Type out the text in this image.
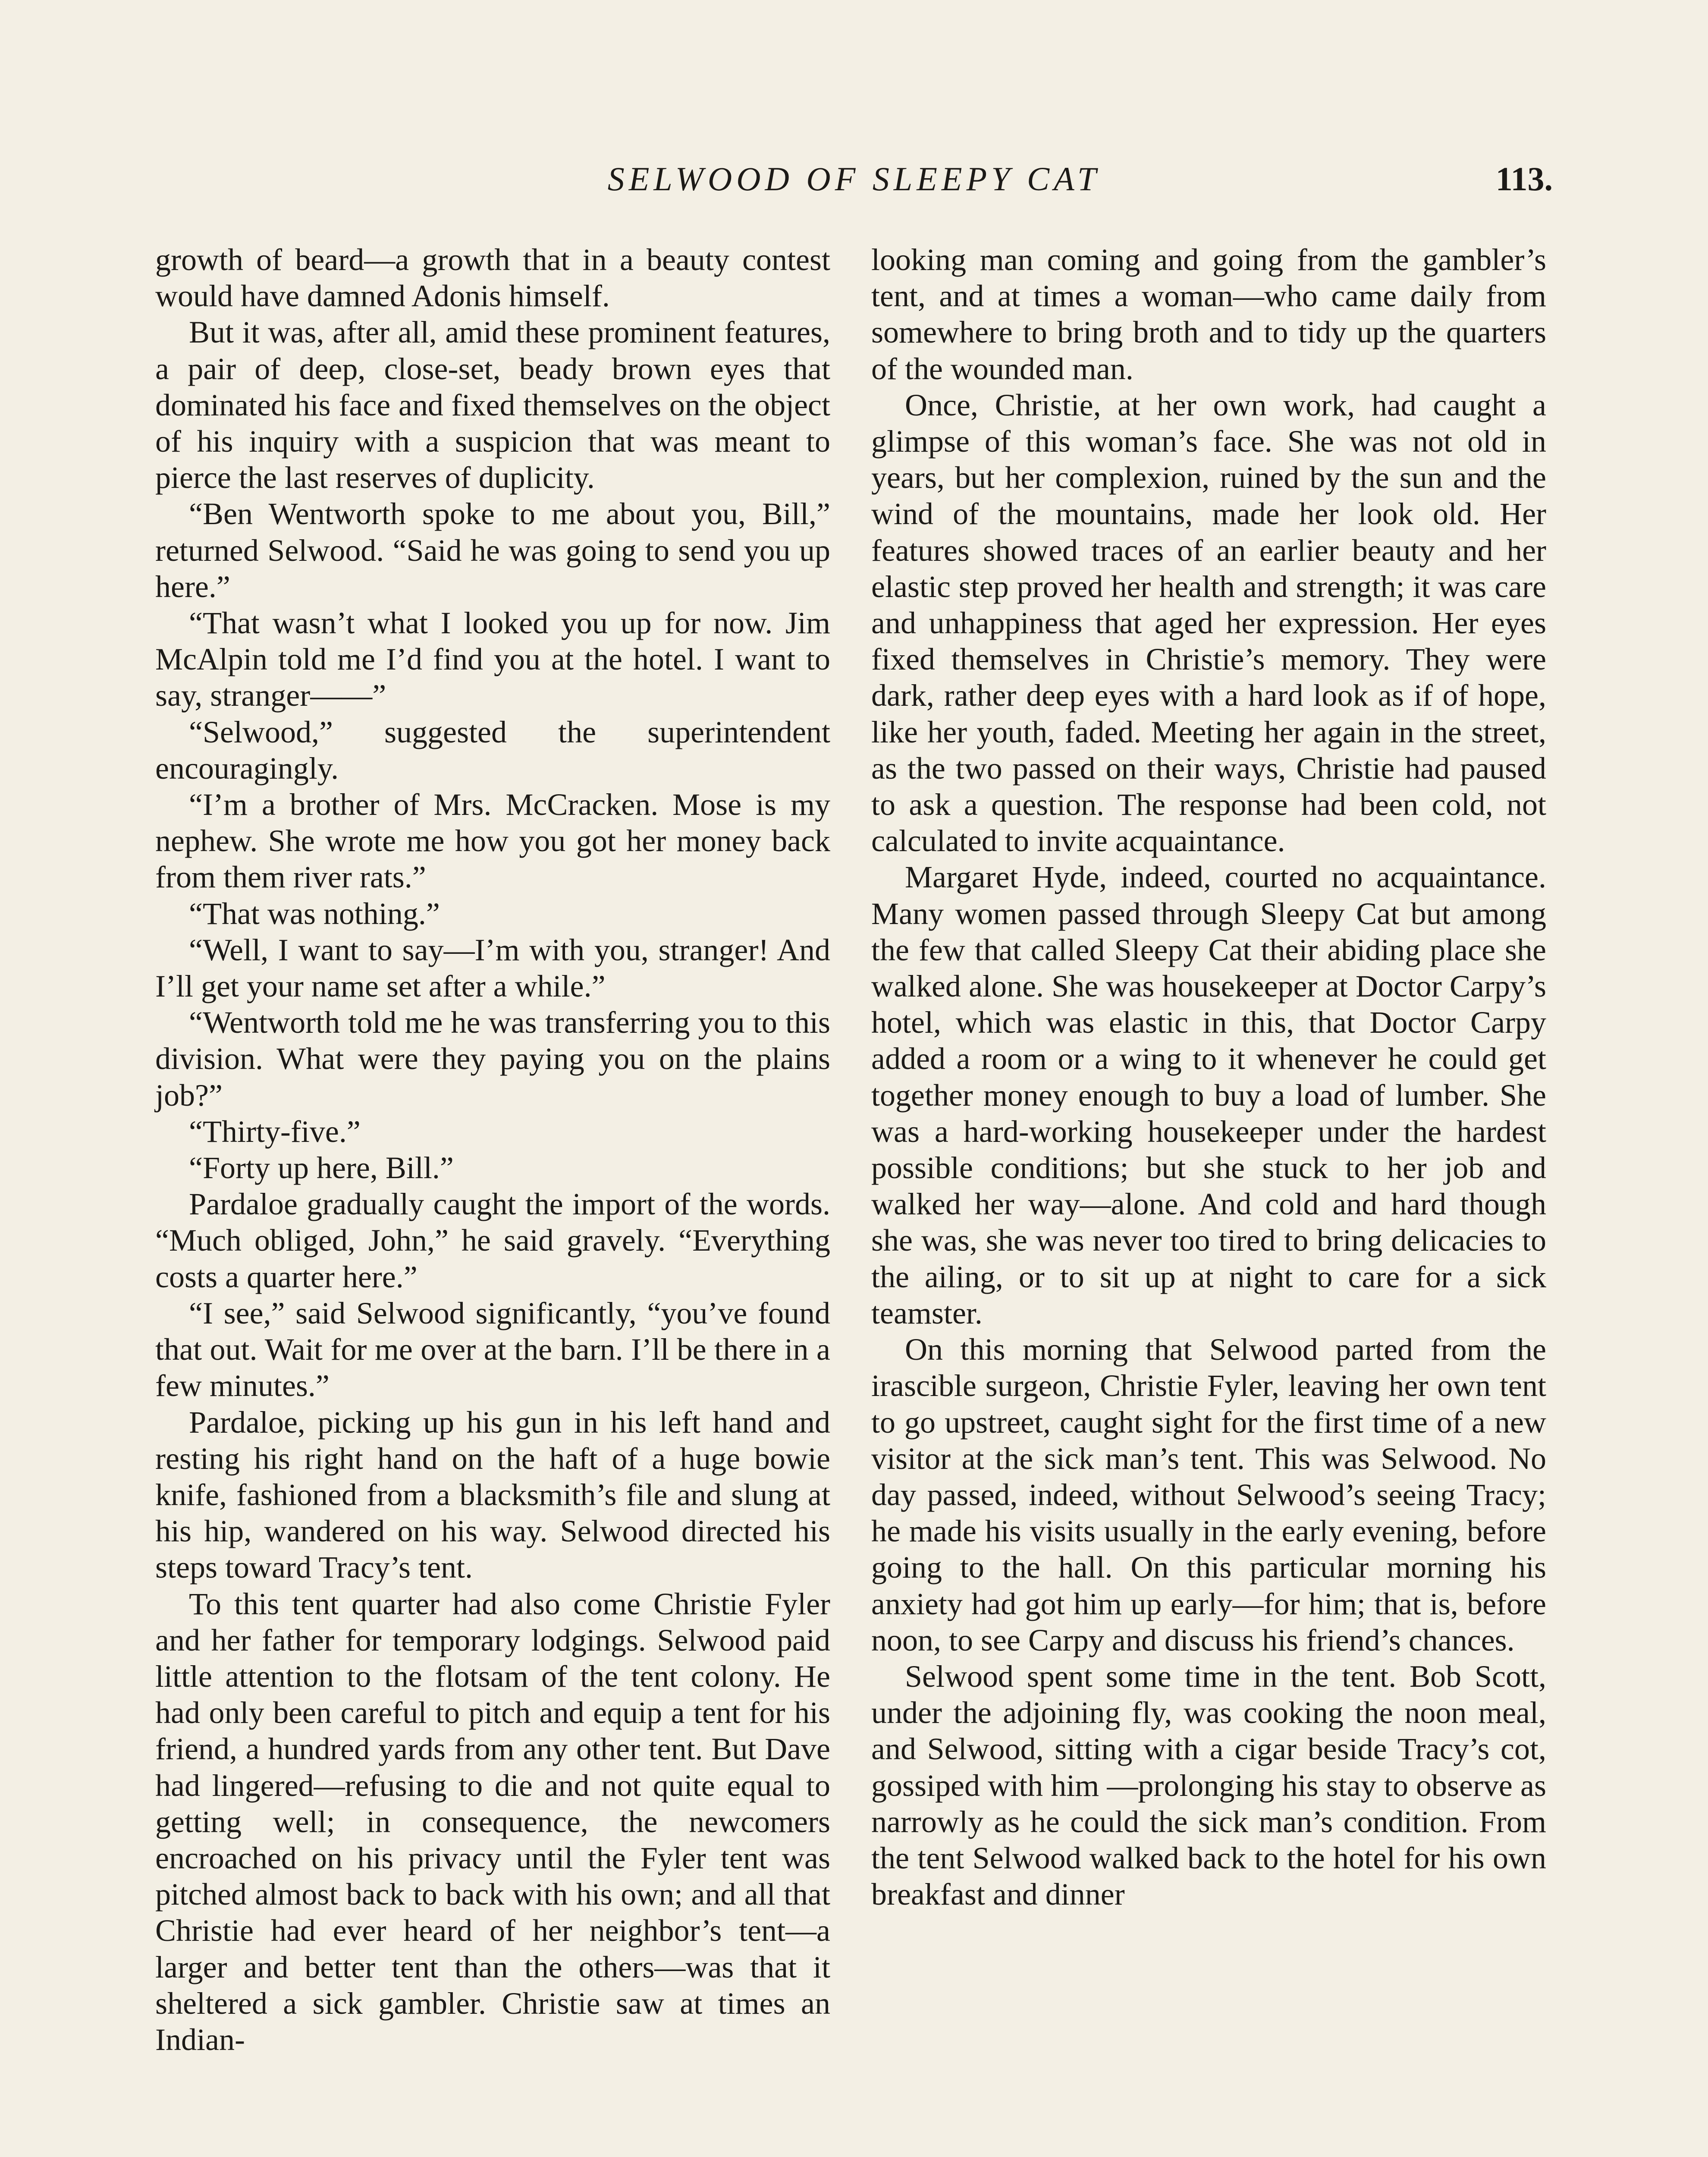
SELWOOD OF SLEEPY CAT	113.

growth of beard—a growth that in a beauty contest would have damned Adonis himself.

But it was, after all, amid these prominent features, a pair of deep, close-set, beady brown eyes that dominated his face and fixed themselves on the object of his inquiry with a suspicion that was meant to pierce the last reserves of duplicity.

“Ben Wentworth spoke to me about you, Bill,” returned Selwood. “Said he was going to send you up here.”

“That wasn’t what I looked you up for now. Jim McAlpin told me I’d find you at the hotel. I want to say, stranger——”

“Selwood,” suggested the superintendent encouragingly.

“I’m a brother of Mrs. McCracken. Mose is my nephew. She wrote me how you got her money back from them river rats.”

“That was nothing.”

“Well, I want to say—I’m with you, stranger! And I’ll get your name set after a while.”

“Wentworth told me he was transferring you to this division. What were they paying you on the plains job?”

“Thirty-five.”

“Forty up here, Bill.”

Pardaloe gradually caught the import of the words. “Much obliged, John,” he said gravely. “Everything costs a quarter here.”

“I see,” said Selwood significantly, “you’ve found that out. Wait for me over at the barn. I’ll be there in a few minutes.”

Pardaloe, picking up his gun in his left hand and resting his right hand on the haft of a huge bowie knife, fashioned from a blacksmith’s file and slung at his hip, wandered on his way. Selwood directed his steps toward Tracy’s tent.

To this tent quarter had also come Christie Fyler and her father for temporary lodgings. Selwood paid little attention to the flotsam of the tent colony. He had only been careful to pitch and equip a tent for his friend, a hundred yards from any other tent. But Dave had lingered—refusing to die and not quite equal to getting well; in consequence, the newcomers encroached on his privacy until the Fyler tent was pitched almost back to back with his own; and all that Christie had ever heard of her neighbor’s tent—a larger and better tent than the others—was that it sheltered a sick gambler. Christie saw at times an Indian-

looking man coming and going from the gambler’s tent, and at times a woman—who came daily from somewhere to bring broth and to tidy up the quarters of the wounded man.

Once, Christie, at her own work, had caught a glimpse of this woman’s face. She was not old in years, but her complexion, ruined by the sun and the wind of the mountains, made her look old. Her features showed traces of an earlier beauty and her elastic step proved her health and strength; it was care and unhappiness that aged her expression. Her eyes fixed themselves in Christie’s memory. They were dark, rather deep eyes with a hard look as if of hope, like her youth, faded. Meeting her again in the street, as the two passed on their ways, Christie had paused to ask a question. The response had been cold, not calculated to invite acquaintance.

Margaret Hyde, indeed, courted no acquaintance. Many women passed through Sleepy Cat but among the few that called Sleepy Cat their abiding place she walked alone. She was housekeeper at Doctor Carpy’s hotel, which was elastic in this, that Doctor Carpy added a room or a wing to it whenever he could get together money enough to buy a load of lumber. She was a hard-working housekeeper under the hardest possible conditions; but she stuck to her job and walked her way—alone. And cold and hard though she was, she was never too tired to bring delicacies to the ailing, or to sit up at night to care for a sick teamster.

On this morning that Selwood parted from the irascible surgeon, Christie Fyler, leaving her own tent to go upstreet, caught sight for the first time of a new visitor at the sick man’s tent. This was Selwood. No day passed, indeed, without Selwood’s seeing Tracy; he made his visits usually in the early evening, before going to the hall. On this particular morning his anxiety had got him up early—for him; that is, before noon, to see Carpy and discuss his friend’s chances.

Selwood spent some time in the tent. Bob Scott, under the adjoining fly, was cooking the noon meal, and Selwood, sitting with a cigar beside Tracy’s cot, gossiped with him —prolonging his stay to observe as narrowly as he could the sick man’s condition. From the tent Selwood walked back to the hotel for his own breakfast and dinner
